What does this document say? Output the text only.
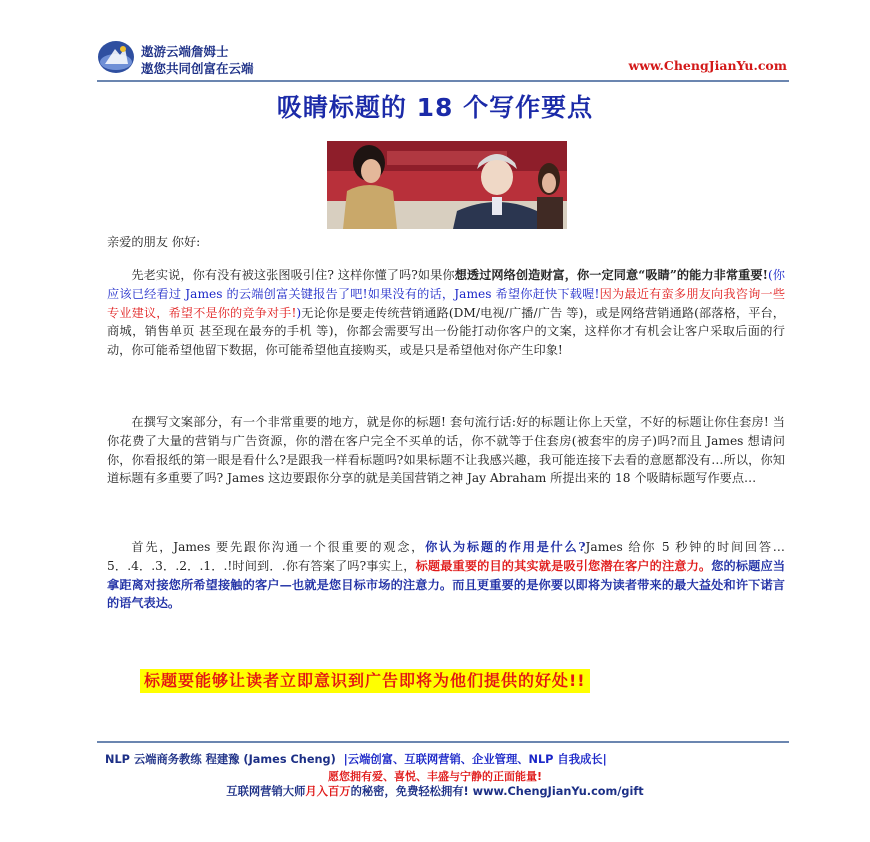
遨游云端詹姆士
遨您共同创富在云端	www.ChengJianYu.com
吸睛标题的 18 个写作要点
亲爱的朋友 你好:

先老实说，你有没有被这张图吸引住? 这样你懂了吗?如果你想透过网络创造财富，你一定同意“吸睛”的能力非常重要!(你应该已经看过 James 的云端创富关键报告了吧!如果没有的话，James 希望你赶快下载喔!因为最近有蛮多朋友向我咨询一些专业建议，希望不是你的竞争对手!)无论你是要走传统营销通路(DM/电视/广播/广告 等)，或是网络营销通路(部落格，平台，商城，销售单页 甚至现在最夯的手机 等)，你都会需要写出一份能打动你客户的文案，这样你才有机会让客户采取后面的行动，你可能希望他留下数据，你可能希望他直接购买，或是只是希望他对你产生印象!

在撰写文案部分，有一个非常重要的地方，就是你的标题! 套句流行话:好的标题让你上天堂，不好的标题让你住套房! 当你花费了大量的营销与广告资源，你的潜在客户完全不买单的话，你不就等于住套房(被套牢的房子)吗?而且 James 想请问你，你看报纸的第一眼是看什么?是跟我一样看标题吗?如果标题不让我感兴趣，我可能连接下去看的意愿都没有…所以，你知道标题有多重要了吗? James 这边要跟你分享的就是美国营销之神 Jay Abraham 所提出来的 18 个吸睛标题写作要点…

首先，James 要先跟你沟通一个很重要的观念，你认为标题的作用是什么?James 给你 5 秒钟的时间回答…5．.4．.3．.2．.1．.!时间到．.你有答案了吗?事实上，标题最重要的目的其实就是吸引您潜在客户的注意力。您的标题应当拿距离对接您所希望接触的客户—也就是您目标市场的注意力。而且更重要的是你要以即将为读者带来的最大益处和许下诺言的语气表达。

标题要能够让读者立即意识到广告即将为他们提供的好处!!
NLP 云端商务教练 程建豫 (James Cheng) |云端创富、互联网营销、企业管理、NLP 自我成长|
愿您拥有爱、喜悦、丰盛与宁静的正面能量!
互联网营销大师月入百万的秘密，免费轻松拥有! www.ChengJianYu.com/gift
